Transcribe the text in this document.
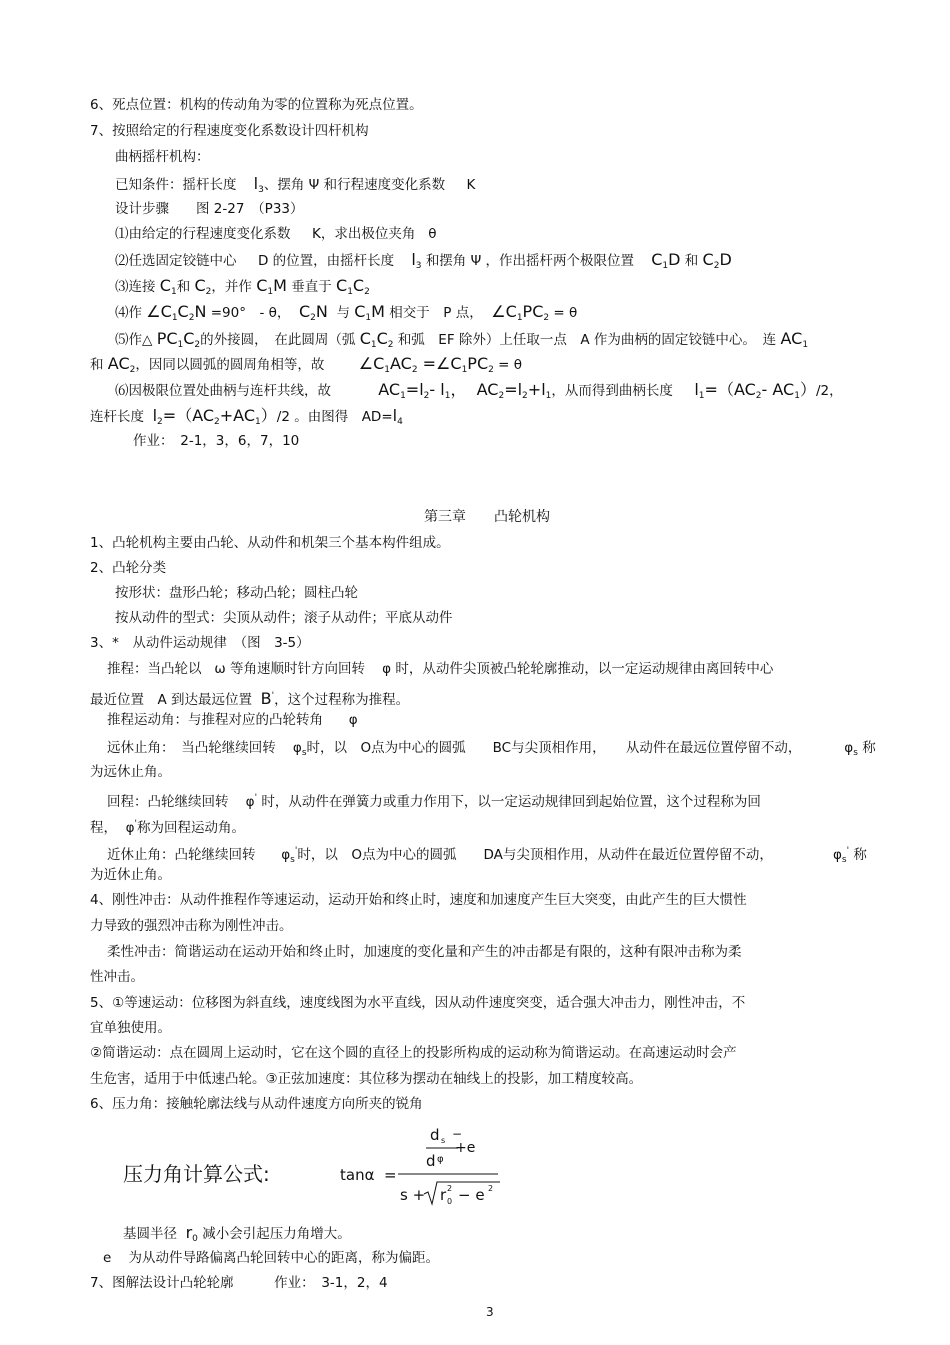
6、死点位置：机构的传动角为零的位置称为死点位置。
7、按照给定的行程速度变化系数设计四杆机构
曲柄摇杆机构：
已知条件：摇杆长度 $l_3$、摆角 Ψ 和行程速度变化系数 K
设计步骤　　图 2-27　（P33）
⑴由给定的行程速度变化系数 K，求出极位夹角 θ
⑵任选固定铰链中心 D 的位置，由摇杆长度 $l_3$ 和摆角 Ψ ，作出摇杆两个极限位置 $C_1D$ 和 $C_2D$
⑶连接 $C_1$和 $C_2$，并作 $C_1M$ 垂直于 $C_1C_2$
⑷作 $\angle C_1C_2N =90^\circ$　- θ， $C_2N$ 与 $C_1M$ 相交于　P 点， $\angle C_1PC_2 = \theta$
⑸作△ $PC_1C_2$的外接圆，　在此圆周（弧 $C_1C_2$ 和弧　EF 除外）上任取一点　A 作为曲柄的固定铰链中心。　连 $AC_1$
和 $AC_2$，因同以圆弧的圆周角相等，故 $\angle C_1AC_2$ $=\angle C_1PC_2 = \theta$
⑹因极限位置处曲柄与连杆共线，故	$AC_1=l_2-$ $l_1$，  $AC_2=l_2+l_1$，从而得到曲柄长度 $l_1=(AC_2-$ $AC_1)/2$，
连杆长度 $l_2=(AC_2+AC_1)/2$ 。由图得　$AD=l_4$
作业：　2-1，3，6，7，10
第三章　　凸轮机构
1、凸轮机构主要由凸轮、从动件和机架三个基本构件组成。
2、凸轮分类
按形状：盘形凸轮；移动凸轮；圆柱凸轮
按从动件的型式：尖顶从动件；滚子从动件；平底从动件
3、*　从动件运动规律　（图　3-5）
推程：当凸轮以 ω 等角速顺时针方向回转 φ 时，从动件尖顶被凸轮轮廓推动，以一定运动规律由离回转中心
最近位置　A 到达最远位置 B'，这个过程称为推程。
推程运动角：与推程对应的凸轮转角 φ
远休止角：　当凸轮继续回转    $\varphi_s$时，以　O点为中心的圆弧　　BC与尖顶相作用，　　从动件在最远位置停留不动，          $\varphi_s$ 称
为远休止角。
回程：凸轮继续回转    φ' 时，从动件在弹簧力或重力作用下，以一定运动规律回到起始位置，这个过程称为回
程，  φ'称为回程运动角。
近休止角：凸轮继续回转      $\varphi_s'$时，以　O点为中心的圆弧　　DA与尖顶相作用，从动件在最近位置停留不动，              $\varphi_s'$ 称
为近休止角。
4、刚性冲击：从动件推程作等速运动，运动开始和终止时，速度和加速度产生巨大突变，由此产生的巨大惯性
力导致的强烈冲击称为刚性冲击。
柔性冲击：简谐运动在运动开始和终止时，加速度的变化量和产生的冲击都是有限的，这种有限冲击称为柔
性冲击。
5、①等速运动：位移图为斜直线，速度线图为水平直线，因从动件速度突变，适合强大冲击力，刚性冲击，不
宜单独使用。
②简谐运动：点在圆周上运动时，它在这个圆的直径上的投影所构成的运动称为简谐运动。在高速运动时会产
生危害，适用于中低速凸轮。③正弦加速度：其位移为摆动在轴线上的投影，加工精度较高。
6、压力角：接触轮廓法线与从动件速度方向所夹的锐角
压力角计算公式:	tanα =
d s −
+e
d φ
s + r 2
0 − e 2
基圆半径 $r_0$ 减小会引起压力角增大。
e 为从动件导路偏离凸轮回转中心的距离，称为偏距。
7、图解法设计凸轮轮廓　　　作业：　3-1，2，4
3
